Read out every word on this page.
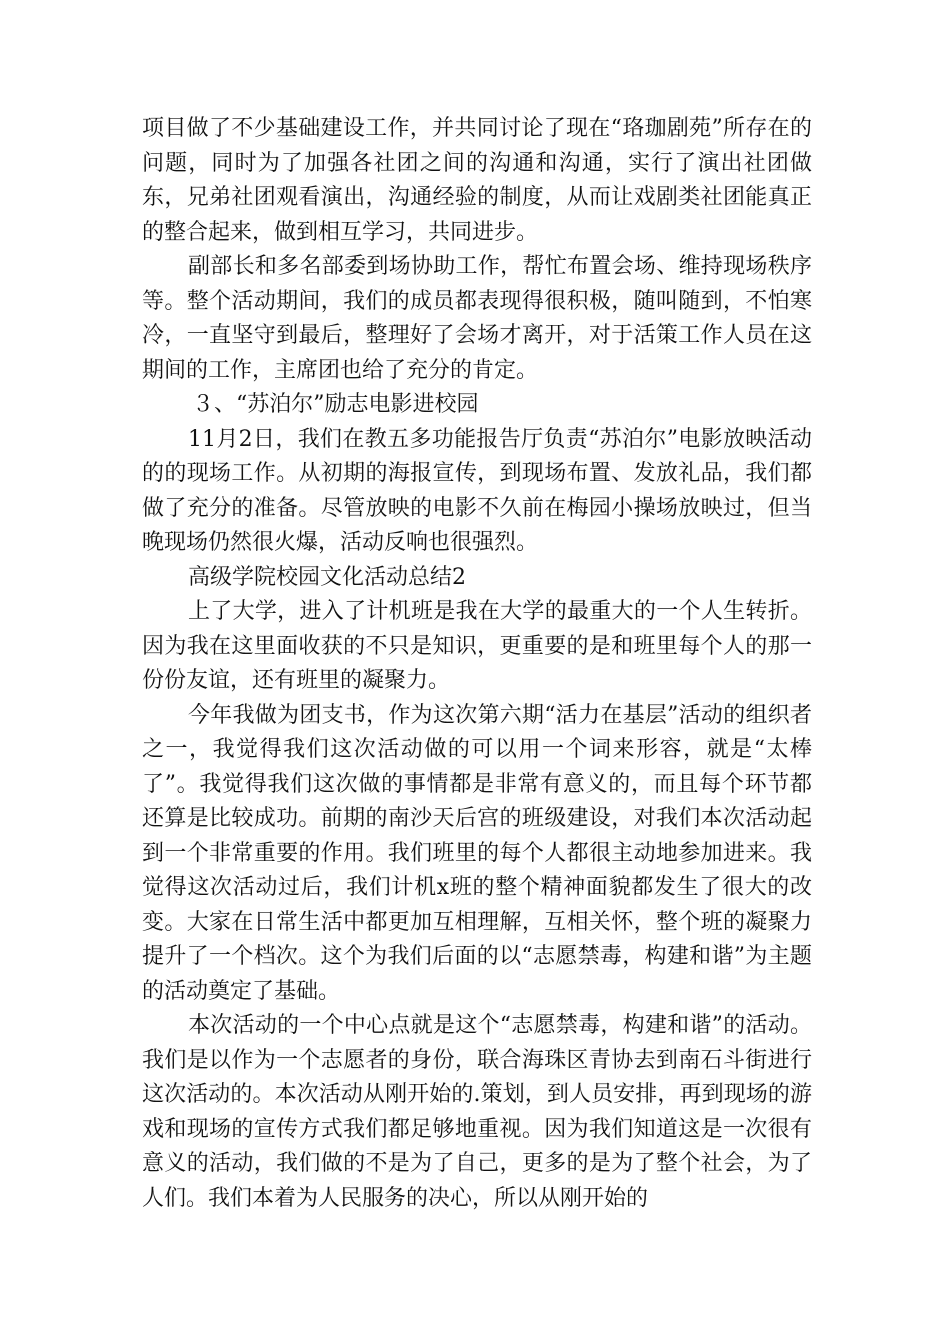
项目做了不少基础建设工作，并共同讨论了现在“珞珈剧苑”所存在的问题，同时为了加强各社团之间的沟通和沟通，实行了演出社团做东，兄弟社团观看演出，沟通经验的制度，从而让戏剧类社团能真正的整合起来，做到相互学习，共同进步。

副部长和多名部委到场协助工作，帮忙布置会场、维持现场秩序等。整个活动期间，我们的成员都表现得很积极，随叫随到，不怕寒冷，一直坚守到最后，整理好了会场才离开，对于活策工作人员在这期间的工作，主席团也给了充分的肯定。

３、“苏泊尔”励志电影进校园

11月2日，我们在教五多功能报告厅负责“苏泊尔”电影放映活动的的现场工作。从初期的海报宣传，到现场布置、发放礼品，我们都做了充分的准备。尽管放映的电影不久前在梅园小操场放映过，但当晚现场仍然很火爆，活动反响也很强烈。

高级学院校园文化活动总结2

上了大学，进入了计机班是我在大学的最重大的一个人生转折。因为我在这里面收获的不只是知识，更重要的是和班里每个人的那一份份友谊，还有班里的凝聚力。

今年我做为团支书，作为这次第六期“活力在基层”活动的组织者之一，我觉得我们这次活动做的可以用一个词来形容，就是“太棒了”。我觉得我们这次做的事情都是非常有意义的，而且每个环节都还算是比较成功。前期的南沙天后宫的班级建设，对我们本次活动起到一个非常重要的作用。我们班里的每个人都很主动地参加进来。我觉得这次活动过后，我们计机x班的整个精神面貌都发生了很大的改变。大家在日常生活中都更加互相理解，互相关怀，整个班的凝聚力提升了一个档次。这个为我们后面的以“志愿禁毒，构建和谐”为主题的活动奠定了基础。

本次活动的一个中心点就是这个“志愿禁毒，构建和谐”的活动。我们是以作为一个志愿者的身份，联合海珠区青协去到南石斗街进行这次活动的。本次活动从刚开始的.策划，到人员安排，再到现场的游戏和现场的宣传方式我们都足够地重视。因为我们知道这是一次很有意义的活动，我们做的不是为了自己，更多的是为了整个社会，为了人们。我们本着为人民服务的决心，所以从刚开始的
